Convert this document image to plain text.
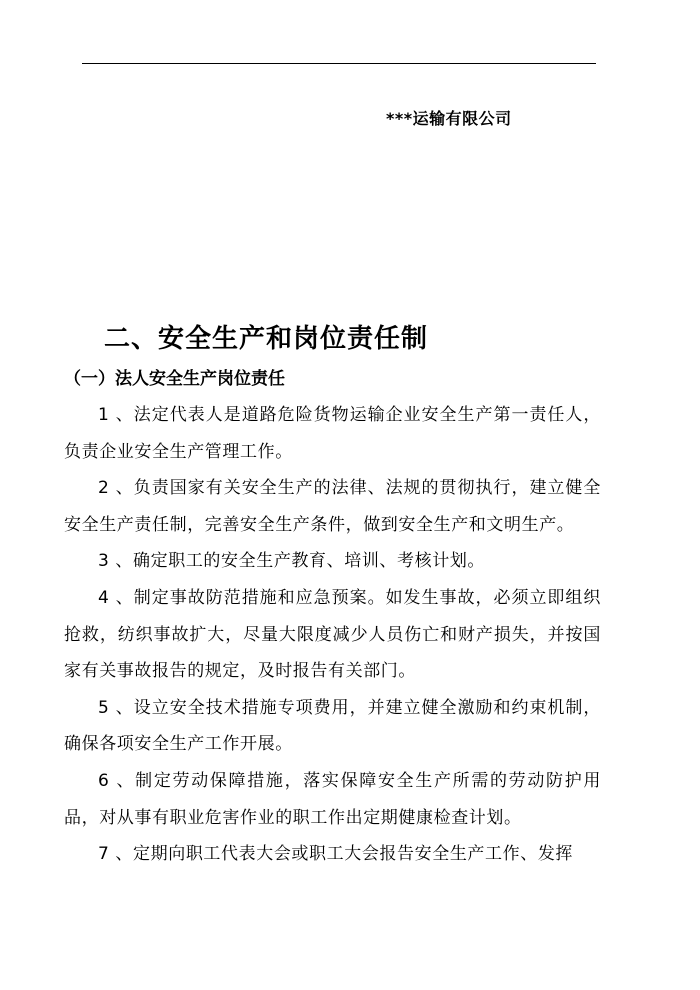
***运输有限公司
二、安全生产和岗位责任制
（一）法人安全生产岗位责任

1 、法定代表人是道路危险货物运输企业安全生产第一责任人，负责企业安全生产管理工作。

2 、负责国家有关安全生产的法律、法规的贯彻执行，建立健全安全生产责任制，完善安全生产条件，做到安全生产和文明生产。

3 、确定职工的安全生产教育、培训、考核计划。

4 、制定事故防范措施和应急预案。如发生事故，必须立即组织抢救，纺织事故扩大，尽量大限度减少人员伤亡和财产损失，并按国家有关事故报告的规定，及时报告有关部门。

5 、设立安全技术措施专项费用，并建立健全激励和约束机制，确保各项安全生产工作开展。

6 、制定劳动保障措施，落实保障安全生产所需的劳动防护用品，对从事有职业危害作业的职工作出定期健康检查计划。

7 、定期向职工代表大会或职工大会报告安全生产工作、发挥
